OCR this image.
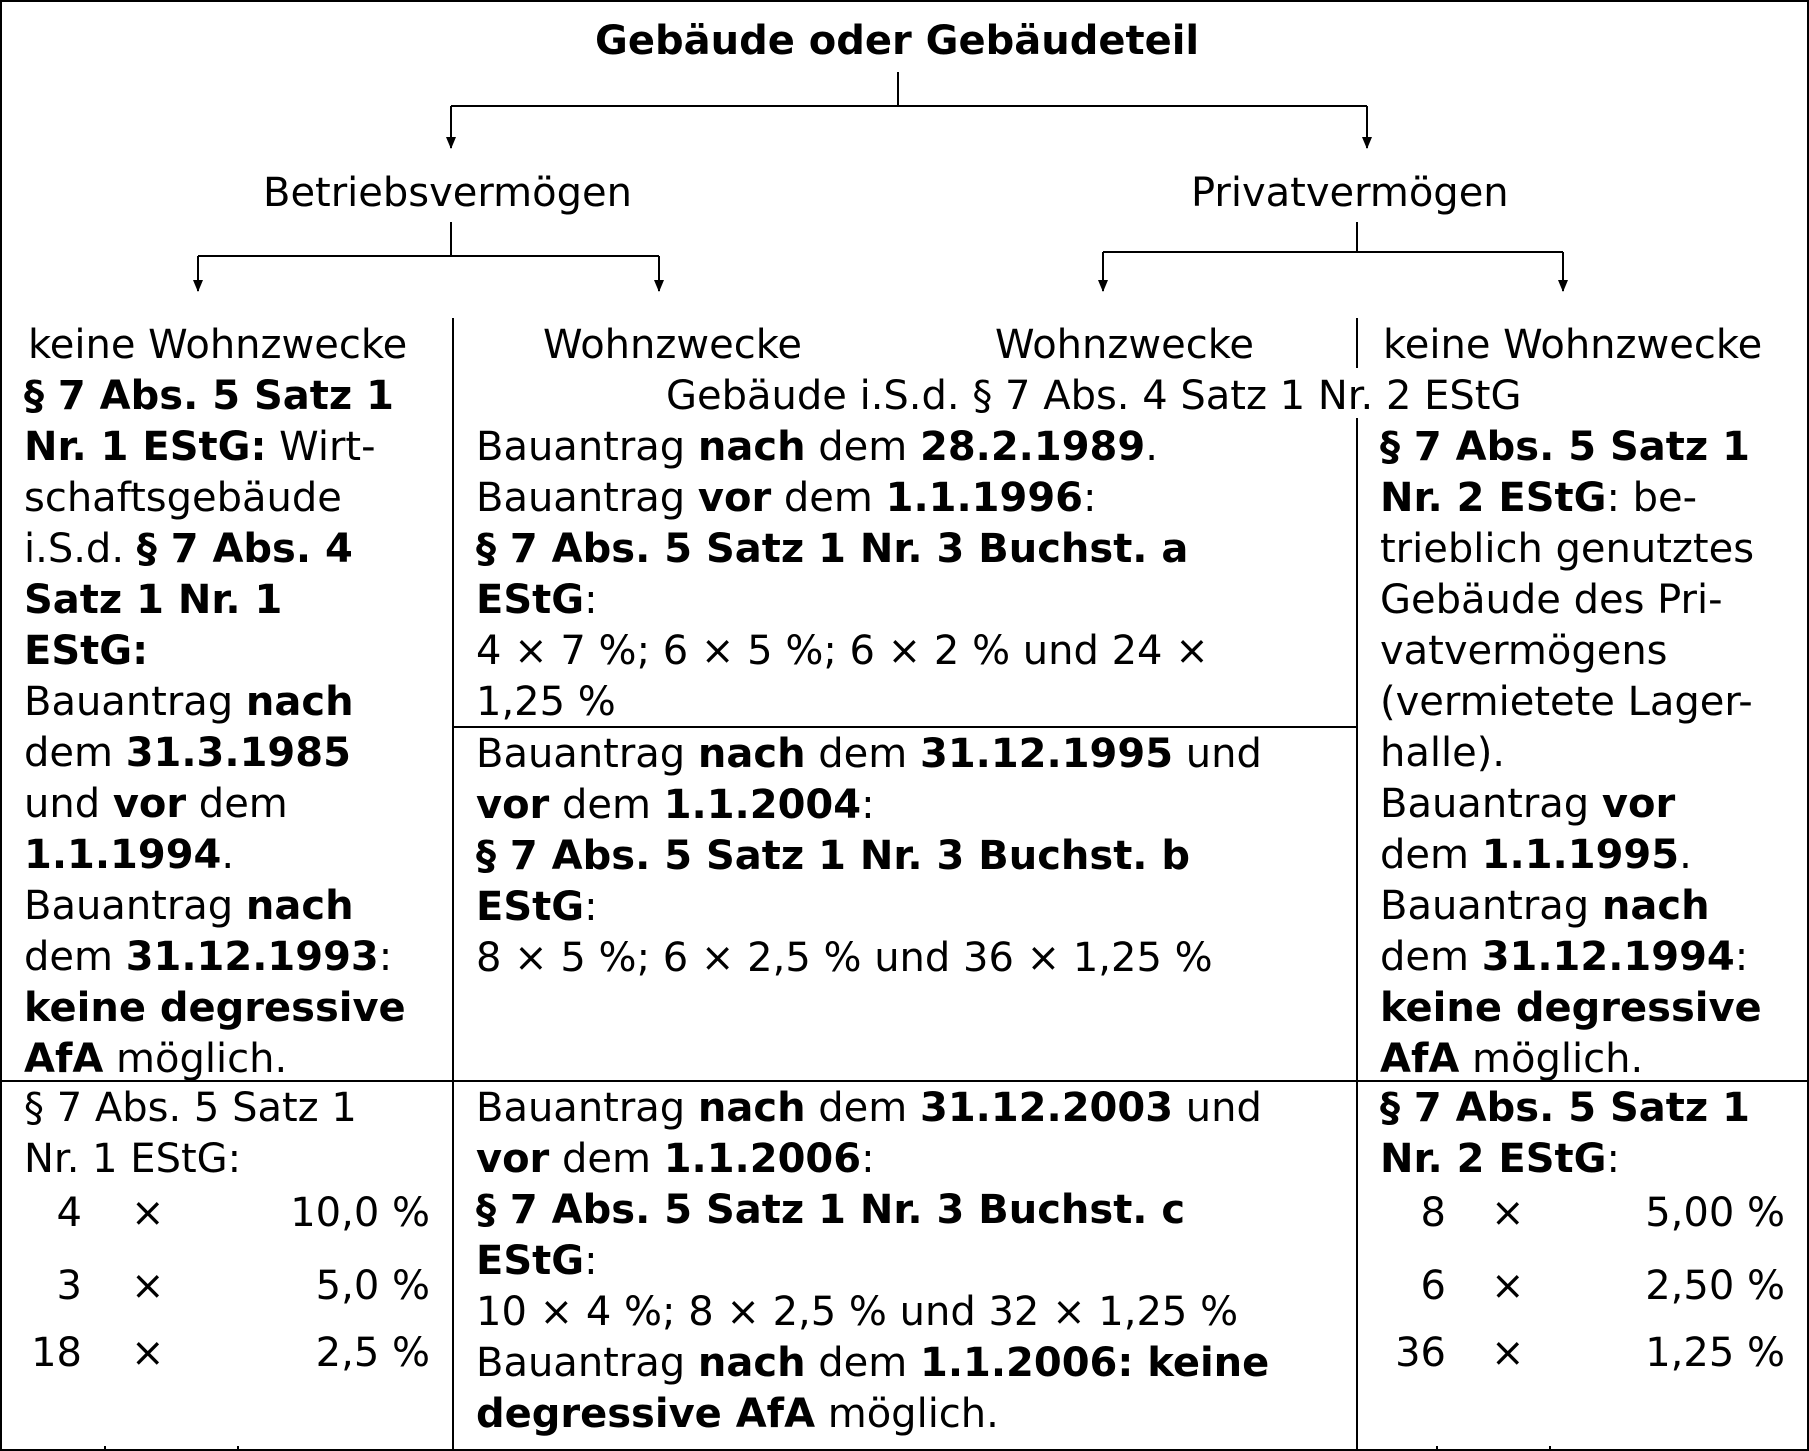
Gebäude oder Gebäudeteil
Betriebsvermögen	Privatvermögen
keine Wohnzwecke	Wohnzwecke	Wohnzwecke	keine Wohnzwecke
Gebäude i.S.d. § 7 Abs. 4 Satz 1 Nr. 2 EStG
§ 7 Abs. 5 Satz 1
Nr. 1 EStG: Wirt-
schaftsgebäude
i.S.d. § 7 Abs. 4
Satz 1 Nr. 1
EStG:
Bauantrag nach
dem 31.3.1985
und vor dem
1.1.1994.
Bauantrag nach
dem 31.12.1993:
keine degressive
AfA möglich.
Bauantrag nach dem 28.2.1989.
Bauantrag vor dem 1.1.1996:
§ 7 Abs. 5 Satz 1 Nr. 3 Buchst. a
EStG:
4 × 7 %; 6 × 5 %; 6 × 2 % und 24 ×
1,25 %
Bauantrag nach dem 31.12.1995 und
vor dem 1.1.2004:
§ 7 Abs. 5 Satz 1 Nr. 3 Buchst. b
EStG:
8 × 5 %; 6 × 2,5 % und 36 × 1,25 %
§ 7 Abs. 5 Satz 1
Nr. 2 EStG: be-
trieblich genutztes
Gebäude des Pri-
vatvermögens
(vermietete Lager-
halle).
Bauantrag vor
dem 1.1.1995.
Bauantrag nach
dem 31.12.1994:
keine degressive
AfA möglich.
§ 7 Abs. 5 Satz 1
Nr. 1 EStG:
4 ×	10,0 %
3 ×	5,0 %
18 ×	2,5 %
Bauantrag nach dem 31.12.2003 und
vor dem 1.1.2006:
§ 7 Abs. 5 Satz 1 Nr. 3 Buchst. c
EStG:
10 × 4 %; 8 × 2,5 % und 32 × 1,25 %
Bauantrag nach dem 1.1.2006: keine
degressive AfA möglich.
§ 7 Abs. 5 Satz 1
Nr. 2 EStG:
8 ×	5,00 %
6 ×	2,50 %
36 ×	1,25 %
